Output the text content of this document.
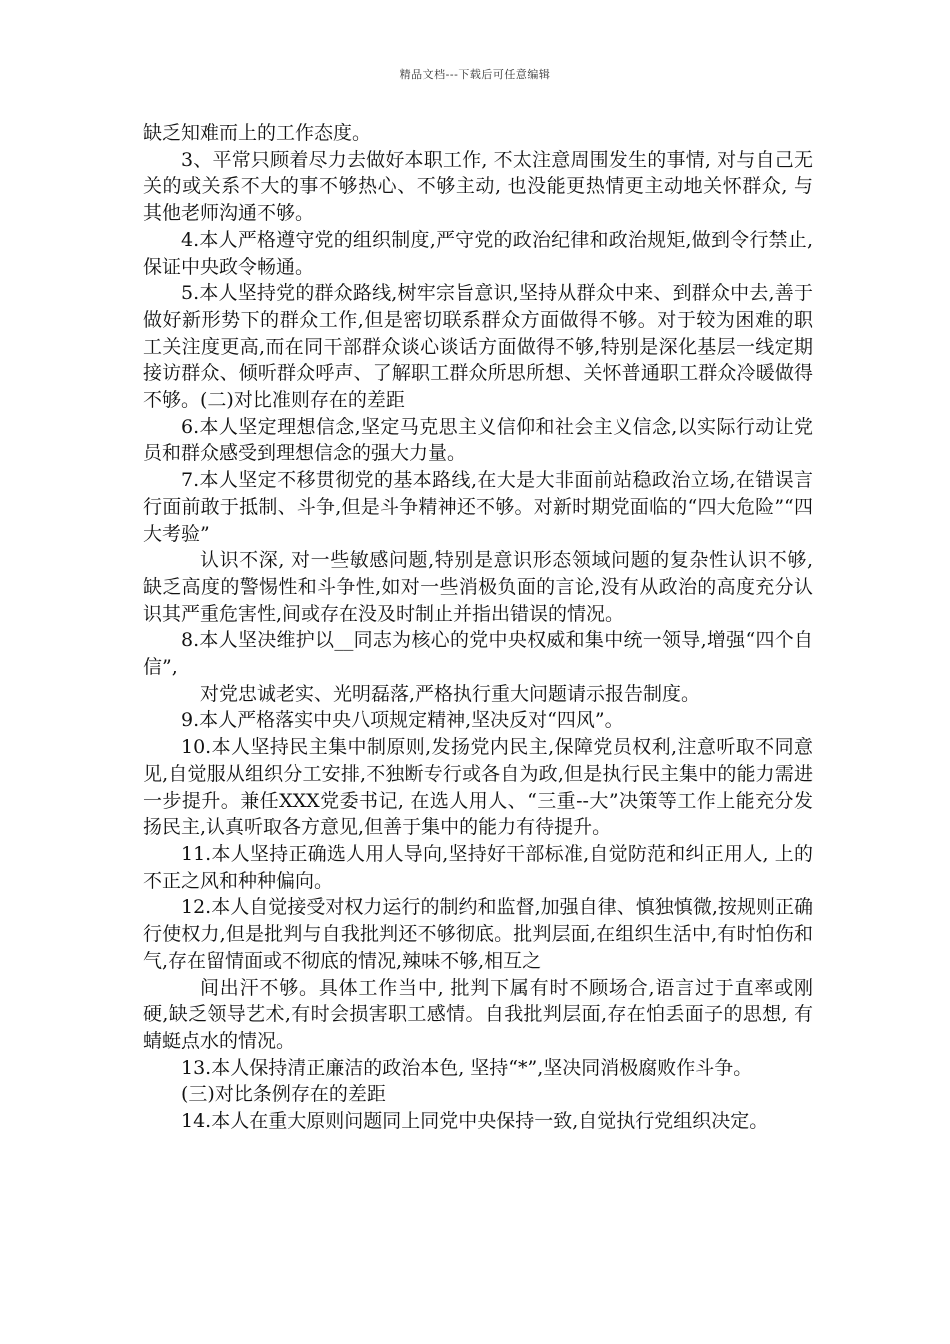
精品文档---下载后可任意编辑

缺乏知难而上的工作态度。

3、平常只顾着尽力去做好本职工作, 不太注意周围发生的事情, 对与自己无关的或关系不大的事不够热心、不够主动, 也没能更热情更主动地关怀群众, 与其他老师沟通不够。

4.本人严格遵守党的组织制度,严守党的政治纪律和政治规矩,做到令行禁止,保证中央政令畅通。

5.本人坚持党的群众路线,树牢宗旨意识,坚持从群众中来、到群众中去,善于做好新形势下的群众工作,但是密切联系群众方面做得不够。对于较为困难的职工关注度更高,而在同干部群众谈心谈话方面做得不够,特别是深化基层一线定期接访群众、倾听群众呼声、了解职工群众所思所想、关怀普通职工群众冷暖做得不够。(二)对比准则存在的差距

6.本人坚定理想信念,坚定马克思主义信仰和社会主义信念,以实际行动让党员和群众感受到理想信念的强大力量。

7.本人坚定不移贯彻党的基本路线,在大是大非面前站稳政治立场,在错误言行面前敢于抵制、斗争,但是斗争精神还不够。对新时期党面临的“四大危险”“四大考验”

认识不深, 对一些敏感问题,特别是意识形态领域问题的复杂性认识不够,缺乏高度的警惕性和斗争性,如对一些消极负面的言论,没有从政治的高度充分认识其严重危害性,间或存在没及时制止并指出错误的情况。

8.本人坚决维护以__同志为核心的党中央权威和集中统一领导,增强“四个自信”,

对党忠诚老实、光明磊落,严格执行重大问题请示报告制度。

9.本人严格落实中央八项规定精神,坚决反对“四风”。

10.本人坚持民主集中制原则,发扬党内民主,保障党员权利,注意听取不同意见,自觉服从组织分工安排,不独断专行或各自为政,但是执行民主集中的能力需进一步提升。兼任XXX党委书记, 在选人用人、“三重--大”决策等工作上能充分发扬民主,认真听取各方意见,但善于集中的能力有待提升。

11.本人坚持正确选人用人导向,坚持好干部标准,自觉防范和纠正用人, 上的不正之风和种种偏向。

12.本人自觉接受对权力运行的制约和监督,加强自律、慎独慎微,按规则正确行使权力,但是批判与自我批判还不够彻底。批判层面,在组织生活中,有时怕伤和气,存在留情面或不彻底的情况,辣味不够,相互之

间出汗不够。具体工作当中, 批判下属有时不顾场合,语言过于直率或刚硬,缺乏领导艺术,有时会损害职工感情。自我批判层面,存在怕丢面子的思想, 有蜻蜓点水的情况。

13.本人保持清正廉洁的政治本色, 坚持“*”,坚决同消极腐败作斗争。

(三)对比条例存在的差距

14.本人在重大原则问题同上同党中央保持一致,自觉执行党组织决定。
